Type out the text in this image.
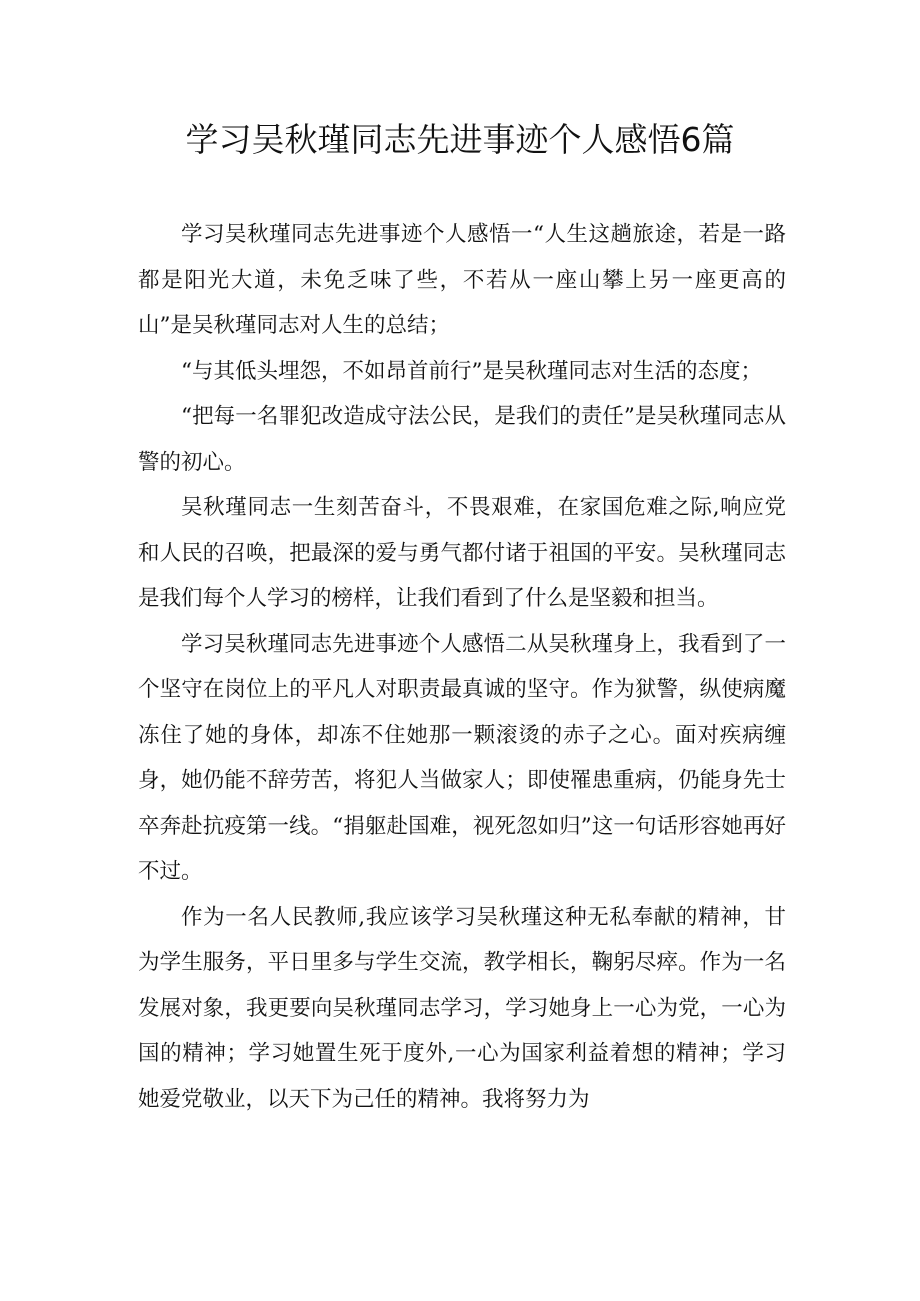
学习吴秋瑾同志先进事迹个人感悟6篇

学习吴秋瑾同志先进事迹个人感悟一“人生这趟旅途，若是一路都是阳光大道，未免乏味了些，不若从一座山攀上另一座更高的山”是吴秋瑾同志对人生的总结；

“与其低头埋怨，不如昂首前行”是吴秋瑾同志对生活的态度；

“把每一名罪犯改造成守法公民，是我们的责任”是吴秋瑾同志从警的初心。

吴秋瑾同志一生刻苦奋斗，不畏艰难，在家国危难之际,响应党和人民的召唤，把最深的爱与勇气都付诸于祖国的平安。吴秋瑾同志是我们每个人学习的榜样，让我们看到了什么是坚毅和担当。

学习吴秋瑾同志先进事迹个人感悟二从吴秋瑾身上，我看到了一个坚守在岗位上的平凡人对职责最真诚的坚守。作为狱警，纵使病魔冻住了她的身体，却冻不住她那一颗滚烫的赤子之心。面对疾病缠身，她仍能不辞劳苦，将犯人当做家人；即使罹患重病，仍能身先士卒奔赴抗疫第一线。“捐躯赴国难，视死忽如归”这一句话形容她再好不过。

作为一名人民教师,我应该学习吴秋瑾这种无私奉献的精神，甘为学生服务，平日里多与学生交流，教学相长，鞠躬尽瘁。作为一名发展对象，我更要向吴秋瑾同志学习，学习她身上一心为党，一心为国的精神；学习她置生死于度外,一心为国家利益着想的精神；学习她爱党敬业，以天下为己任的精神。我将努力为
